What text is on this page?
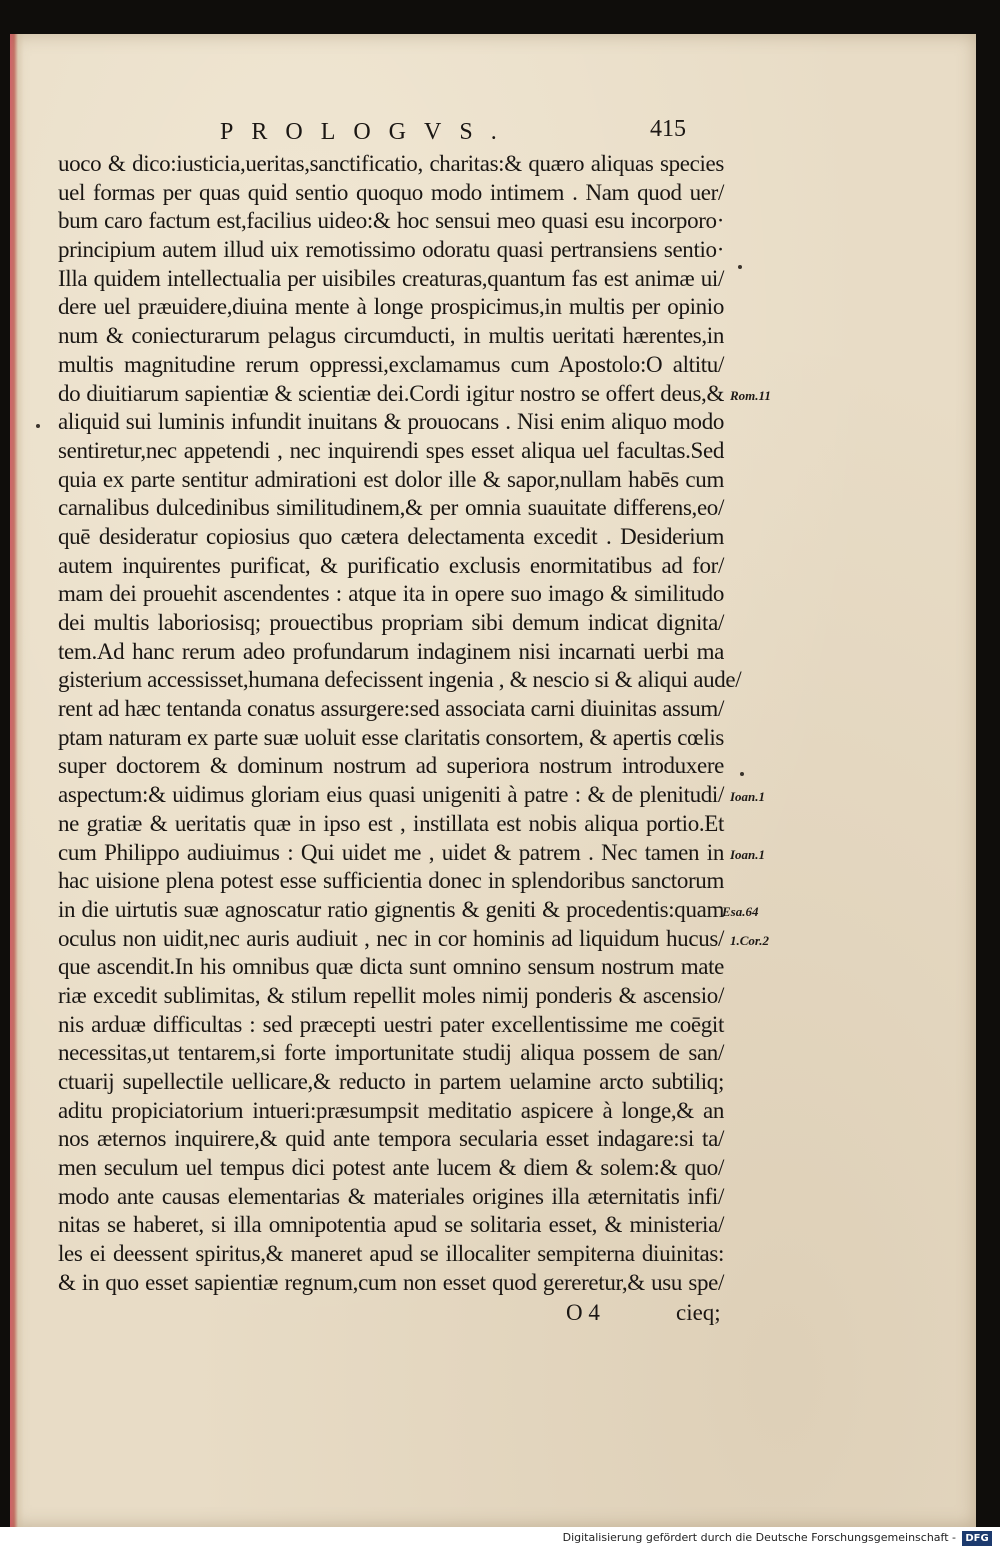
PROLOGVS.	415
uoco & dico:iusticia,ueritas,sanctificatio, charitas:& quæro aliquas species
uel formas per quas quid sentio quoquo modo intimem . Nam quod uer/
bum caro factum est,facilius uideo:& hoc sensui meo quasi esu incorporo·
principium autem illud uix remotissimo odoratu quasi pertransiens sentio·
Illa quidem intellectualia per uisibiles creaturas,quantum fas est animæ ui/
dere uel præuidere,diuina mente à longe prospicimus,in multis per opinio
num & coniecturarum pelagus circumducti, in multis ueritati hærentes,in
multis magnitudine rerum oppressi,exclamamus cum Apostolo:O altitu/
do diuitiarum sapientiæ & scientiæ dei.Cordi igitur nostro se offert deus,&
aliquid sui luminis infundit inuitans & prouocans . Nisi enim aliquo modo
sentiretur,nec appetendi , nec inquirendi spes esset aliqua uel facultas.Sed
quia ex parte sentitur admirationi est dolor ille & sapor,nullam habēs cum
carnalibus dulcedinibus similitudinem,& per omnia suauitate differens,eo/
quē desideratur copiosius quo cætera delectamenta excedit . Desiderium
autem inquirentes purificat, & purificatio exclusis enormitatibus ad for/
mam dei prouehit ascendentes : atque ita in opere suo imago & similitudo
dei multis laboriosisq; prouectibus propriam sibi demum indicat dignita/
tem.Ad hanc rerum adeo profundarum indaginem nisi incarnati uerbi ma
gisterium accessisset,humana defecissent ingenia , & nescio si & aliqui aude/
rent ad hæc tentanda conatus assurgere:sed associata carni diuinitas assum/
ptam naturam ex parte suæ uoluit esse claritatis consortem, & apertis cœlis
super doctorem & dominum nostrum ad superiora nostrum introduxere
aspectum:& uidimus gloriam eius quasi unigeniti à patre : & de plenitudi/
ne gratiæ & ueritatis quæ in ipso est , instillata est nobis aliqua portio.Et
cum Philippo audiuimus : Qui uidet me , uidet & patrem . Nec tamen in
hac uisione plena potest esse sufficientia donec in splendoribus sanctorum
in die uirtutis suæ agnoscatur ratio gignentis & geniti & procedentis:quam
oculus non uidit,nec auris audiuit , nec in cor hominis ad liquidum hucus/
que ascendit.In his omnibus quæ dicta sunt omnino sensum nostrum mate
riæ excedit sublimitas, & stilum repellit moles nimij ponderis & ascensio/
nis arduæ difficultas : sed præcepti uestri pater excellentissime me coēgit
necessitas,ut tentarem,si forte importunitate studij aliqua possem de san/
ctuarij supellectile uellicare,& reducto in partem uelamine arcto subtiliq;
aditu propiciatorium intueri:præsumpsit meditatio aspicere à longe,& an
nos æternos inquirere,& quid ante tempora secularia esset indagare:si ta/
men seculum uel tempus dici potest ante lucem & diem & solem:& quo/
modo ante causas elementarias & materiales origines illa æternitatis infi/
nitas se haberet, si illa omnipotentia apud se solitaria esset, & ministeria/
les ei deessent spiritus,& maneret apud se illocaliter sempiterna diuinitas:
& in quo esset sapientiæ regnum,cum non esset quod gereretur,& usu spe/
Rom.11
Ioan.1
Ioan.1
Esa.64
1.Cor.2
O 4	cieq;
Digitalisierung gefördert durch die Deutsche Forschungsgemeinschaft - DFG
